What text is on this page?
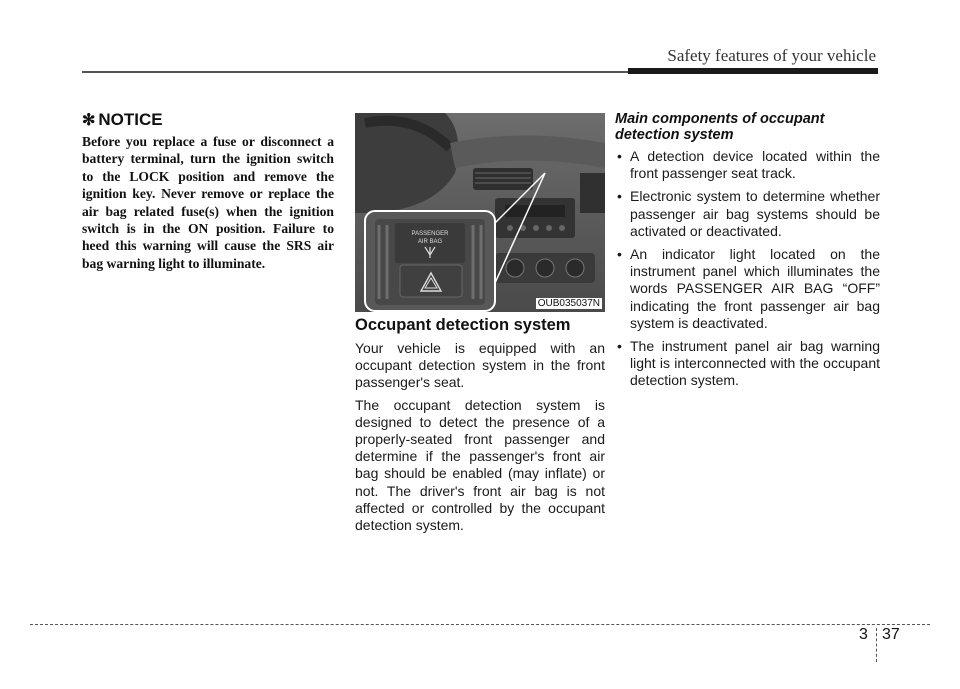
Safety features of your vehicle
✻ NOTICE
Before you replace a fuse or disconnect a battery terminal, turn the ignition switch to the LOCK position and remove the ignition key. Never remove or replace the air bag related fuse(s) when the ignition switch is in the ON position. Failure to heed this warning will cause the SRS air bag warning light to illuminate.
PASSENGER
AIR BAG
OUB035037N
Occupant detection system

Your vehicle is equipped with an occupant detection system in the front passenger's seat.

The occupant detection system is designed to detect the presence of a properly-seated front passenger and determine if the passenger's front air bag should be enabled (may inflate) or not. The driver's front air bag is not affected or controlled by the occupant detection system.

Main components of occupant detection system
• A detection device located within the front passenger seat track.
• Electronic system to determine whether passenger air bag systems should be activated or deactivated.
• An indicator light located on the instrument panel which illuminates the words PASSENGER AIR BAG “OFF” indicating the front passenger air bag system is deactivated.
• The instrument panel air bag warning light is interconnected with the occupant detection system.
3 37
